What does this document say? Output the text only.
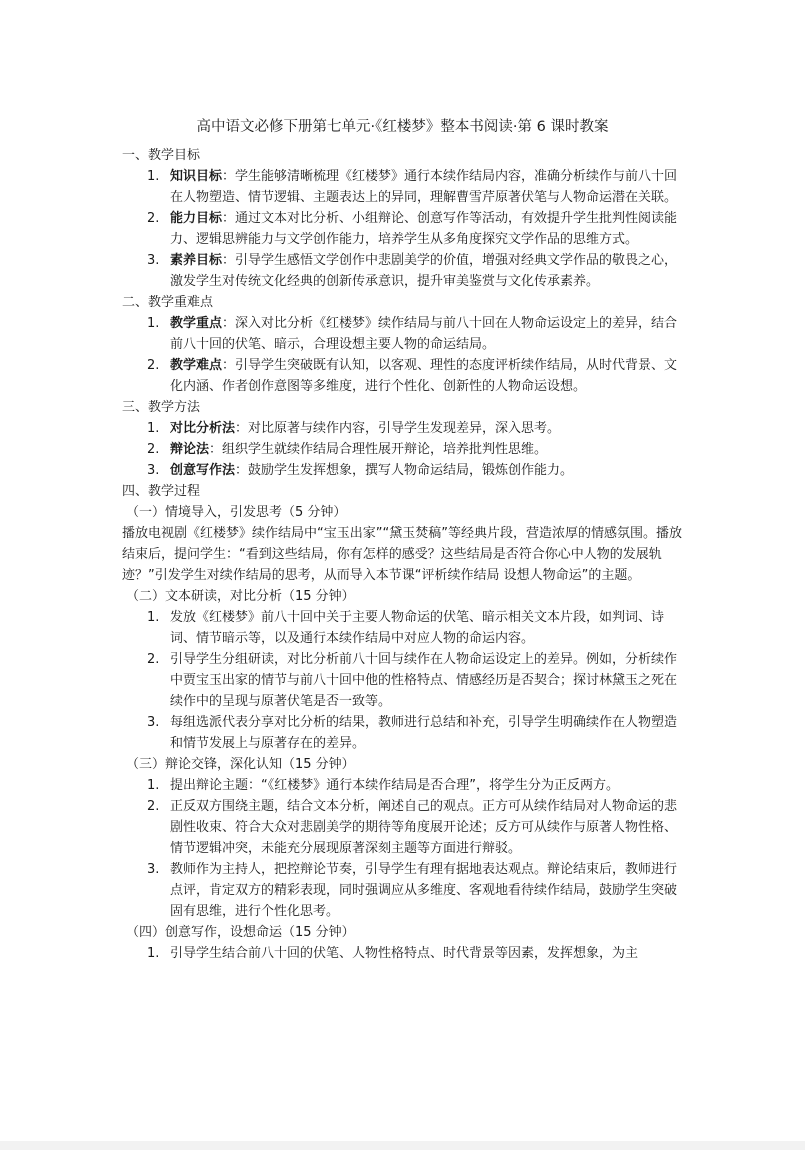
高中语文必修下册第七单元·《红楼梦》整本书阅读·第 6 课时教案
一、教学目标
1. 知识目标：学生能够清晰梳理《红楼梦》通行本续作结局内容，准确分析续作与前八十回在人物塑造、情节逻辑、主题表达上的异同，理解曹雪芹原著伏笔与人物命运潜在关联。
2. 能力目标：通过文本对比分析、小组辩论、创意写作等活动，有效提升学生批判性阅读能力、逻辑思辨能力与文学创作能力，培养学生从多角度探究文学作品的思维方式。
3. 素养目标：引导学生感悟文学创作中悲剧美学的价值，增强对经典文学作品的敬畏之心，激发学生对传统文化经典的创新传承意识，提升审美鉴赏与文化传承素养。
二、教学重难点
1. 教学重点：深入对比分析《红楼梦》续作结局与前八十回在人物命运设定上的差异，结合前八十回的伏笔、暗示，合理设想主要人物的命运结局。
2. 教学难点：引导学生突破既有认知，以客观、理性的态度评析续作结局，从时代背景、文化内涵、作者创作意图等多维度，进行个性化、创新性的人物命运设想。
三、教学方法
1. 对比分析法：对比原著与续作内容，引导学生发现差异，深入思考。
2. 辩论法：组织学生就续作结局合理性展开辩论，培养批判性思维。
3. 创意写作法：鼓励学生发挥想象，撰写人物命运结局，锻炼创作能力。
四、教学过程
（一）情境导入，引发思考（5 分钟）

播放电视剧《红楼梦》续作结局中“宝玉出家”“黛玉焚稿”等经典片段，营造浓厚的情感氛围。播放结束后，提问学生：“看到这些结局，你有怎样的感受？这些结局是否符合你心中人物的发展轨迹？”引发学生对续作结局的思考，从而导入本节课“评析续作结局 设想人物命运”的主题。

（二）文本研读，对比分析（15 分钟）
1. 发放《红楼梦》前八十回中关于主要人物命运的伏笔、暗示相关文本片段，如判词、诗词、情节暗示等，以及通行本续作结局中对应人物的命运内容。
2. 引导学生分组研读，对比分析前八十回与续作在人物命运设定上的差异。例如，分析续作中贾宝玉出家的情节与前八十回中他的性格特点、情感经历是否契合；探讨林黛玉之死在续作中的呈现与原著伏笔是否一致等。
3. 每组选派代表分享对比分析的结果，教师进行总结和补充，引导学生明确续作在人物塑造和情节发展上与原著存在的差异。
（三）辩论交锋，深化认知（15 分钟）
1. 提出辩论主题：“《红楼梦》通行本续作结局是否合理”，将学生分为正反两方。
2. 正反双方围绕主题，结合文本分析，阐述自己的观点。正方可从续作结局对人物命运的悲剧性收束、符合大众对悲剧美学的期待等角度展开论述；反方可从续作与原著人物性格、情节逻辑冲突，未能充分展现原著深刻主题等方面进行辩驳。
3. 教师作为主持人，把控辩论节奏，引导学生有理有据地表达观点。辩论结束后，教师进行点评，肯定双方的精彩表现，同时强调应从多维度、客观地看待续作结局，鼓励学生突破固有思维，进行个性化思考。
（四）创意写作，设想命运（15 分钟）
1. 引导学生结合前八十回的伏笔、人物性格特点、时代背景等因素，发挥想象，为主
